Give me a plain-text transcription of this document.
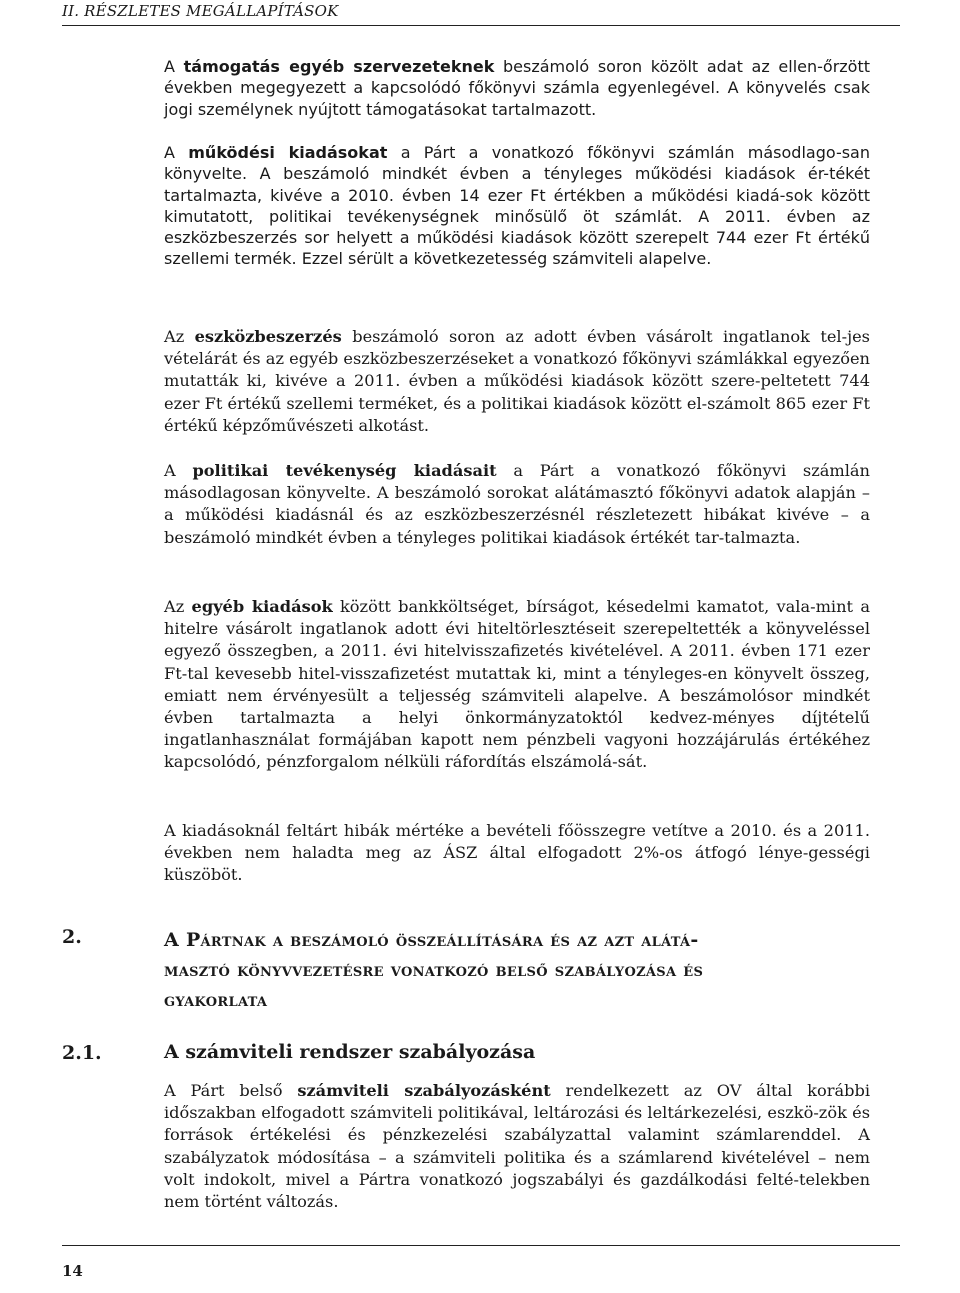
II. RÉSZLETES MEGÁLLAPÍTÁSOK

A támogatás egyéb szervezeteknek beszámoló soron közölt adat az ellen-őrzött években megegyezett a kapcsolódó főkönyvi számla egyenlegével. A könyvelés csak jogi személynek nyújtott támogatásokat tartalmazott.

A működési kiadásokat a Párt a vonatkozó főkönyvi számlán másodlago-san könyvelte. A beszámoló mindkét évben a tényleges működési kiadások ér-tékét tartalmazta, kivéve a 2010. évben 14 ezer Ft értékben a működési kiadá-sok között kimutatott, politikai tevékenységnek minősülő öt számlát. A 2011. évben az eszközbeszerzés sor helyett a működési kiadások között szerepelt 744 ezer Ft értékű szellemi termék. Ezzel sérült a következetesség számviteli alapelve.

Az eszközbeszerzés beszámoló soron az adott évben vásárolt ingatlanok tel-jes vételárát és az egyéb eszközbeszerzéseket a vonatkozó főkönyvi számlákkal egyezően mutatták ki, kivéve a 2011. évben a működési kiadások között szere-peltetett 744 ezer Ft értékű szellemi terméket, és a politikai kiadások között el-számolt 865 ezer Ft értékű képzőművészeti alkotást.

A politikai tevékenység kiadásait a Párt a vonatkozó főkönyvi számlán másodlagosan könyvelte. A beszámoló sorokat alátámasztó főkönyvi adatok alapján – a működési kiadásnál és az eszközbeszerzésnél részletezett hibákat kivéve – a beszámoló mindkét évben a tényleges politikai kiadások értékét tar-talmazta.

Az egyéb kiadások között bankköltséget, bírságot, késedelmi kamatot, vala-mint a hitelre vásárolt ingatlanok adott évi hiteltörlesztéseit szerepeltették a könyveléssel egyező összegben, a 2011. évi hitelvisszafizetés kivételével. A 2011. évben 171 ezer Ft-tal kevesebb hitel-visszafizetést mutattak ki, mint a tényleges-en könyvelt összeg, emiatt nem érvényesült a teljesség számviteli alapelve. A beszámolósor mindkét évben tartalmazta a helyi önkormányzatoktól kedvez-ményes díjtételű ingatlanhasználat formájában kapott nem pénzbeli vagyoni hozzájárulás értékéhez kapcsolódó, pénzforgalom nélküli ráfordítás elszámolá-sát.

A kiadásoknál feltárt hibák mértéke a bevételi főösszegre vetítve a 2010. és a 2011. években nem haladta meg az ÁSZ által elfogadott 2%-os átfogó lénye-gességi küszöböt.

2.	A Pártnak a beszámoló összeállítására és az azt alátá-
masztó könyvvezetésre vonatkozó belső szabályozása és
gyakorlata
2.1.	A számviteli rendszer szabályozása

A Párt belső számviteli szabályozásként rendelkezett az OV által korábbi időszakban elfogadott számviteli politikával, leltározási és leltárkezelési, eszkö-zök és források értékelési és pénzkezelési szabályzattal valamint számlarenddel. A szabályzatok módosítása – a számviteli politika és a számlarend kivételével – nem volt indokolt, mivel a Pártra vonatkozó jogszabályi és gazdálkodási felté-telekben nem történt változás.

14
